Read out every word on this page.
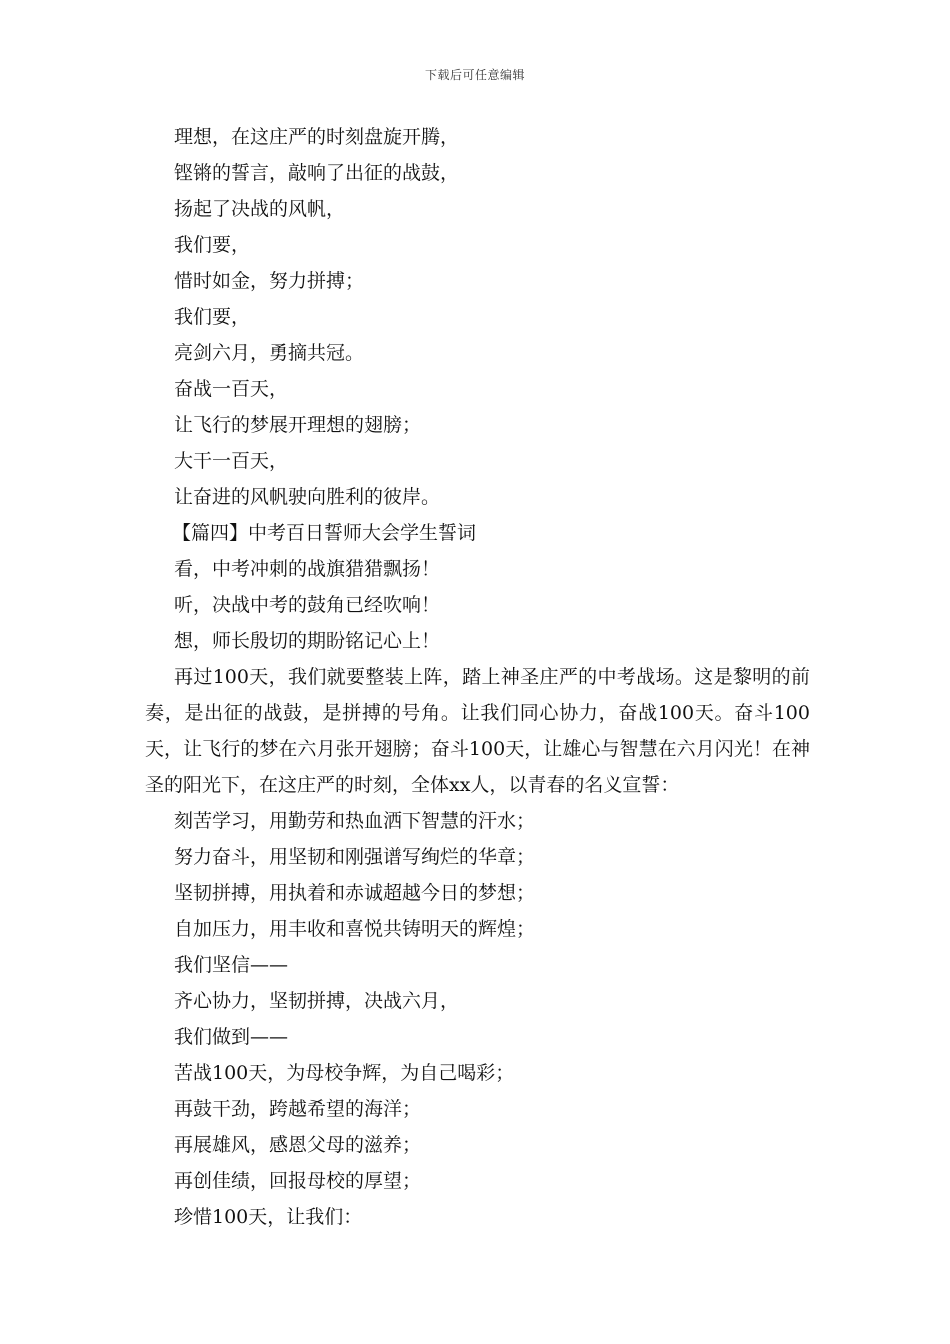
下载后可任意编辑
理想，在这庄严的时刻盘旋开腾，
铿锵的誓言，敲响了出征的战鼓，
扬起了决战的风帆，
我们要，
惜时如金，努力拼搏；
我们要，
亮剑六月，勇摘共冠。
奋战一百天，
让飞行的梦展开理想的翅膀；
大干一百天，
让奋进的风帆驶向胜利的彼岸。
【篇四】中考百日誓师大会学生誓词
看，中考冲刺的战旗猎猎飘扬！
听，决战中考的鼓角已经吹响！
想，师长殷切的期盼铭记心上！
再过100天，我们就要整装上阵，踏上神圣庄严的中考战场。这是黎明的前奏，是出征的战鼓，是拼搏的号角。让我们同心协力，奋战100天。奋斗100天，让飞行的梦在六月张开翅膀；奋斗100天，让雄心与智慧在六月闪光！在神圣的阳光下，在这庄严的时刻，全体xx人，以青春的名义宣誓：
刻苦学习，用勤劳和热血洒下智慧的汗水；
努力奋斗，用坚韧和刚强谱写绚烂的华章；
坚韧拼搏，用执着和赤诚超越今日的梦想；
自加压力，用丰收和喜悦共铸明天的辉煌；
我们坚信——
齐心协力，坚韧拼搏，决战六月，
我们做到——
苦战100天，为母校争辉，为自己喝彩；
再鼓干劲，跨越希望的海洋；
再展雄风，感恩父母的滋养；
再创佳绩，回报母校的厚望；
珍惜100天，让我们：
